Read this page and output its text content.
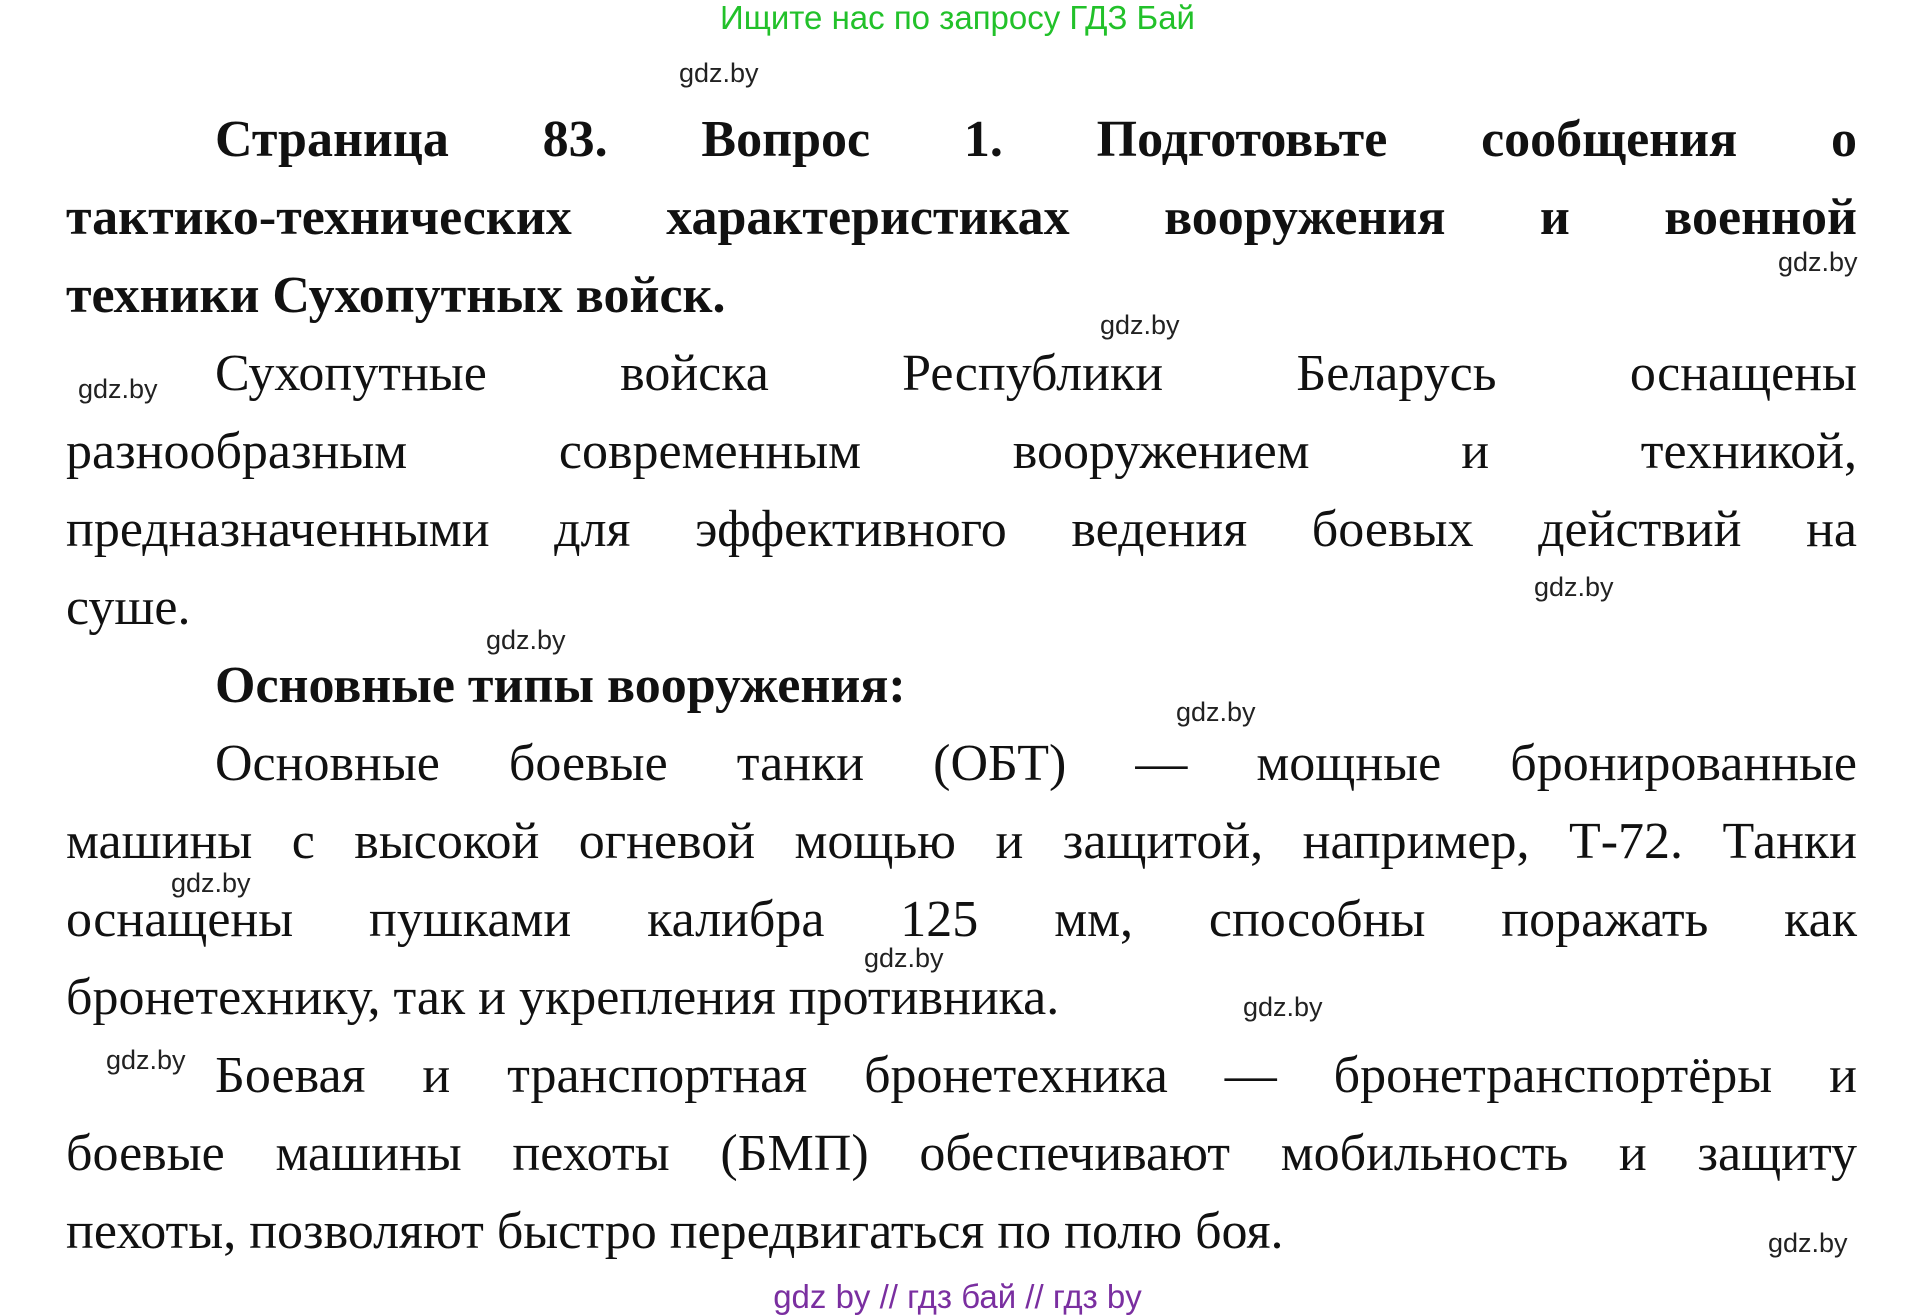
Ищите нас по запросу ГДЗ Бай
Страница 83. Вопрос 1. Подготовьте сообщения о
тактико-технических характеристиках вооружения и военной
техники Сухопутных войск.
Сухопутные войска Республики Беларусь оснащены
разнообразным современным вооружением и техникой,
предназначенными для эффективного ведения боевых действий на
суше.
Основные типы вооружения:
Основные боевые танки (ОБТ) — мощные бронированные
машины с высокой огневой мощью и защитой, например, Т-72. Танки
оснащены пушками калибра 125 мм, способны поражать как
бронетехнику, так и укрепления противника.
Боевая и транспортная бронетехника — бронетранспортёры и
боевые машины пехоты (БМП) обеспечивают мобильность и защиту
пехоты, позволяют быстро передвигаться по полю боя.
gdz.by
gdz.by
gdz.by
gdz.by
gdz.by
gdz.by
gdz.by
gdz.by
gdz.by
gdz.by
gdz.by
gdz.by
gdz by // гдз бай // гдз by
